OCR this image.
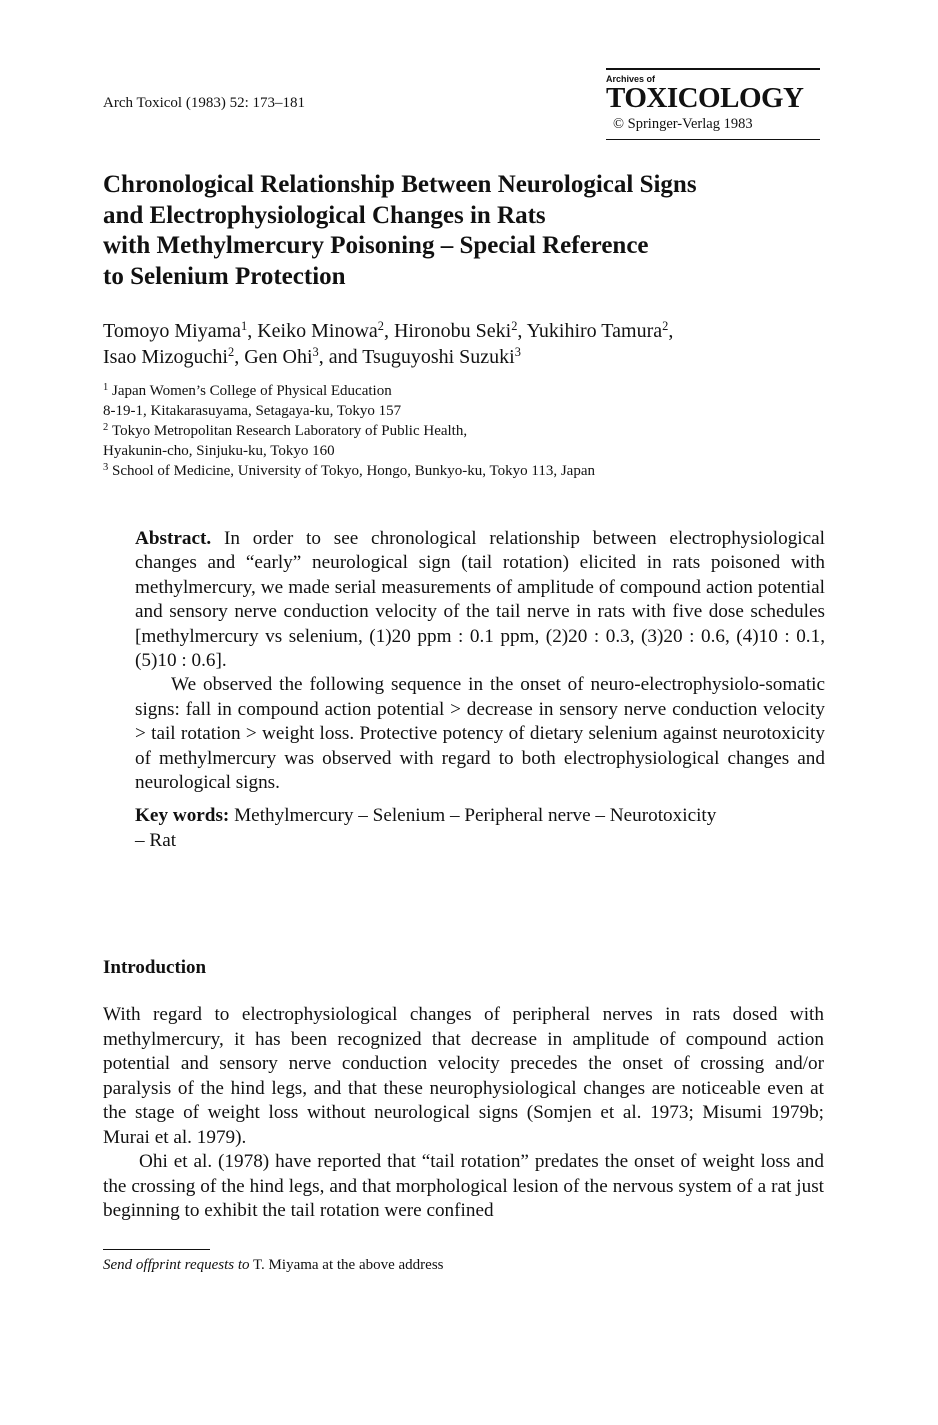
Arch Toxicol (1983) 52: 173–181
Archives of
TOXICOLOGY
© Springer-Verlag 1983
Chronological Relationship Between Neurological Signs
and Electrophysiological Changes in Rats
with Methylmercury Poisoning – Special Reference
to Selenium Protection
Tomoyo Miyama$^1$, Keiko Minowa$^2$, Hironobu Seki$^2$, Yukihiro Tamura$^2$,
Isao Mizoguchi$^2$, Gen Ohi$^3$, and Tsuguyoshi Suzuki$^3$
$^1$ Japan Women’s College of Physical Education
8-19-1, Kitakarasuyama, Setagaya-ku, Tokyo 157
$^2$ Tokyo Metropolitan Research Laboratory of Public Health,
Hyakunin-cho, Sinjuku-ku, Tokyo 160
$^3$ School of Medicine, University of Tokyo, Hongo, Bunkyo-ku, Tokyo 113, Japan

Abstract. In order to see chronological relationship between electrophysiological changes and “early” neurological sign (tail rotation) elicited in rats poisoned with methylmercury, we made serial measurements of amplitude of compound action potential and sensory nerve conduction velocity of the tail nerve in rats with five dose schedules [methylmercury vs selenium, (1)20 ppm : 0.1 ppm, (2)20 : 0.3, (3)20 : 0.6, (4)10 : 0.1, (5)10 : 0.6].

We observed the following sequence in the onset of neuro-electrophysiolo-somatic signs: fall in compound action potential > decrease in sensory nerve conduction velocity > tail rotation > weight loss. Protective potency of dietary selenium against neurotoxicity of methylmercury was observed with regard to both electrophysiological changes and neurological signs.

Key words: Methylmercury – Selenium – Peripheral nerve – Neurotoxicity
– Rat

Introduction

With regard to electrophysiological changes of peripheral nerves in rats dosed with methylmercury, it has been recognized that decrease in amplitude of compound action potential and sensory nerve conduction velocity precedes the onset of crossing and/or paralysis of the hind legs, and that these neurophysiological changes are noticeable even at the stage of weight loss without neurological signs (Somjen et al. 1973; Misumi 1979b; Murai et al. 1979).

Ohi et al. (1978) have reported that “tail rotation” predates the onset of weight loss and the crossing of the hind legs, and that morphological lesion of the nervous system of a rat just beginning to exhibit the tail rotation were confined

Send offprint requests to T. Miyama at the above address
